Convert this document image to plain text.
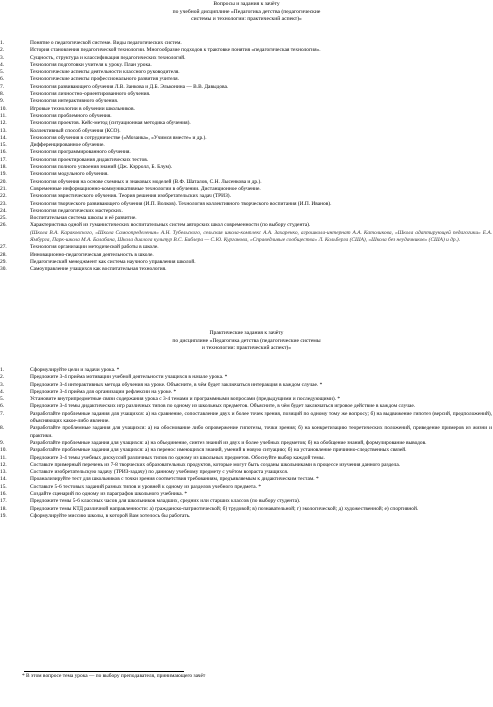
Вопросы и задания к зачёту
по учебной дисциплине «Педагогика детства (педагогические
системы и технологии: практический аспект)»
1.	Понятие о педагогической системе. Виды педагогических систем.
2.	История становления педагогической технологии. Многообразие подходов к трактовке понятия «педагогическая технология».
3.	Сущность, структура и классификация педагогических технологий.
4.	Технология подготовки учителя к уроку. План урока.
5.	Технологические аспекты деятельности классного руководителя.
6.	Технологические аспекты профессионального развития учителя.
7.	Технология развивающего обучения Л.В. Занкова и Д.Б. Эльконина — В.В. Давыдова.
8.	Технология личностно-ориентированного обучения.
9.	Технология интерактивного обучения.
10.	Игровые технологии в обучении школьников.
11.	Технология проблемного обучения.
12.	Технология проектов. Кейс-метод (ситуационная методика обучения).
13.	Коллективный способ обучения (КСО).
14.	Технология обучения в сотрудничестве («Мозаика», «Учимся вместе» и др.).
15.	Дифференцированное обучение.
16.	Технология программированного обучения.
17.	Технология проектирования дидактических тестов.
18.	Технология полного усвоения знаний (Дж. Кэрролл, Б. Блум).
19.	Технология модульного обучения.
20.	Технология обучения на основе схемных и знаковых моделей (В.Ф. Шаталов, С.Н. Лысенкова и др.).
21.	Современные информационно-коммуникативные технологии в обучении. Дистанционное обучение.
22.	Технология эвристического обучения. Теория решения изобретательских задач (ТРИЗ).
23.	Технология творческого развивающего обучения (И.П. Волков). Технология коллективного творческого воспитания (И.П. Иванов).
24.	Технология педагогических мастерских.
25.	Воспитательная система школы и её развитие.
26.	Характеристика одной из гуманистических воспитательных систем авторских школ современности (по выбору студента).
(Школа В.А. Караковского, «Школа Самоопределения» А.Н. Тубельского, сельская школа-комплекс А.А. Захаренко, агрошкола-интернат А.А. Католикова, «Школа адаптирующей педагогики» Е.А. Ямбурга, Парк-школа М.А. Балабана, Школа диалога культур В.С. Библера — С.Ю. Курганова, «Справедливые сообщества» Л. Кольберга (США), «Школа без неудачников» (США) и др.).
27.	Технология организации методической работы в школе.
28.	Инновационно-педагогическая деятельность в школе.
29.	Педагогический менеджмент как система научного управления школой.
30.	Самоуправление учащихся как воспитательная технология.
Практические задания к зачёту
по дисциплине «Педагогика детства (педагогические системы
и технологии: практический аспект)»
1.	Сформулируйте цели и задачи урока. *
2.	Предложите 3-4 приёма мотивации учебной деятельности учащихся в начале урока. *
3.	Предложите 3-4 интерактивных метода обучения на уроке. Объясните, в чём будет заключаться интеракция в каждом случае. *
4.	Предложите 3-4 приёма для организации рефлексии на уроке. *
5.	Установите внутрипредметные связи содержания урока с 3-4 темами и программными вопросами (предыдущими и последующими). *
6.	Предложите 3-4 темы дидактических игр различных типов по одному из школьных предметов. Объясните, в чём будет заключаться игровое действие в каждом случае.
7.	Разработайте проблемные задания для учащихся: а) на сравнение, сопоставление двух и более точек зрения, позиций по одному тому же вопросу; б) на выдвижение гипотез (версий, предположений), объясняющих какое-либо явление.
8.	Разработайте проблемные задания для учащихся: а) на обоснование либо опровержение гипотезы, точки зрения; б) на конкретизацию теоретических положений, приведение примеров из жизни и практики.
9.	Разработайте проблемные задания для учащихся: а) на объединение, синтез знаний из двух и более учебных предметов; б) на обобщение знаний, формулирование выводов.
10.	Разработайте проблемные задания для учащихся: а) на перенос имеющихся знаний, умений в новую ситуацию; б) на установление причинно-следственных связей.
11.	Предложите 3-4 темы учебных дискуссий различных типов по одному из школьных предметов. Обоснуйте выбор каждой темы.
12.	Составьте примерный перечень из 7-8 творческих образовательных продуктов, которые могут быть созданы школьниками в процессе изучения данного раздела.
13.	Составьте изобретательскую задачу (ТРИЗ-задачу) по данному учебному предмету с учётом возраста учащихся.
14.	Проанализируйте тест для школьников с точки зрения соответствия требованиям, предъявляемым к дидактическим тестам. *
15.	Составьте 5-6 тестовых заданий разных типов и уровней к одному из разделов учебного предмета. *
16.	Создайте сценарий по одному из параграфов школьного учебника. *
17.	Предложите темы 5-6 классных часов для школьников младших, средних или старших классов (по выбору студента).
18.	Предложите темы КТД различной направленности: а) гражданско-патриотической; б) трудовой; в) познавательной; г) экологической; д) художественной; е) спортивной.
19.	Сформулируйте миссию школы, в которой Вам хотелось бы работать.
* В этом вопросе тема урока — по выбору преподавателя, принимающего зачёт
